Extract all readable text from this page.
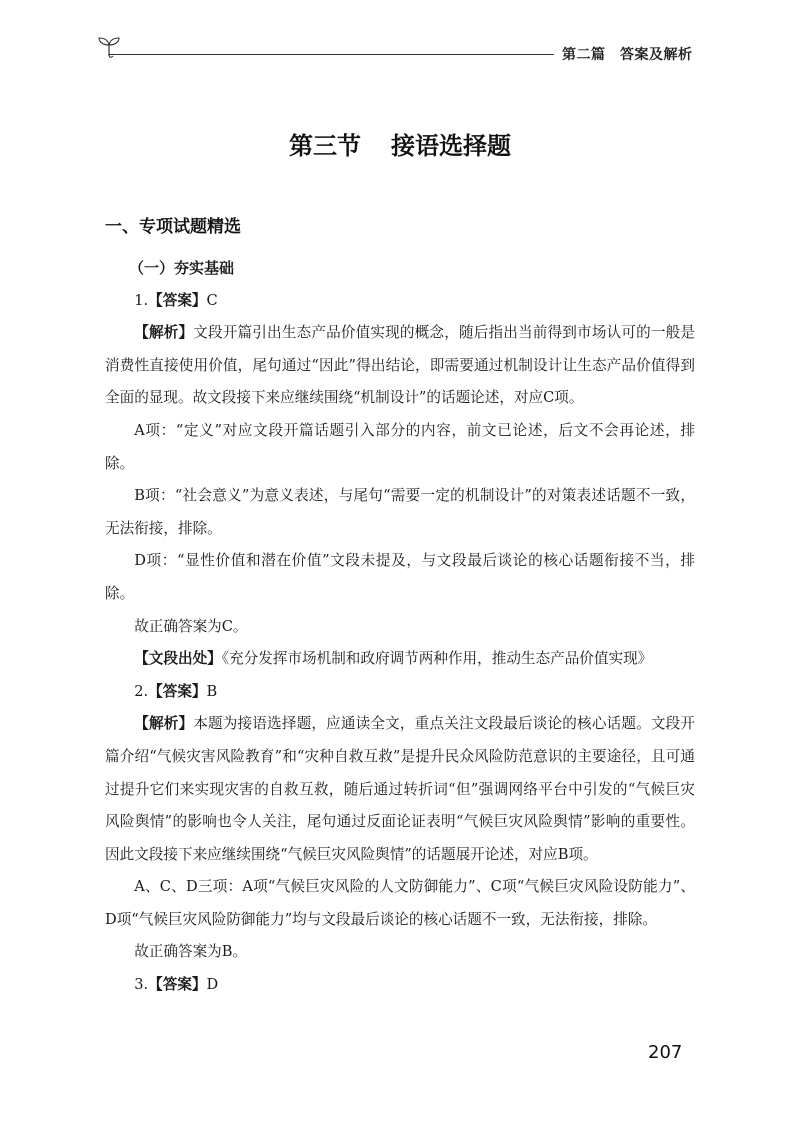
第二篇　答案及解析
第三节 接语选择题
一、专项试题精选

（一）夯实基础

1.【答案】C

【解析】文段开篇引出生态产品价值实现的概念，随后指出当前得到市场认可的一般是消费性直接使用价值，尾句通过“因此”得出结论，即需要通过机制设计让生态产品价值得到全面的显现。故文段接下来应继续围绕“机制设计”的话题论述，对应C项。

A项：“定义”对应文段开篇话题引入部分的内容，前文已论述，后文不会再论述，排除。

B项：“社会意义”为意义表述，与尾句“需要一定的机制设计”的对策表述话题不一致，无法衔接，排除。

D项：“显性价值和潜在价值”文段未提及，与文段最后谈论的核心话题衔接不当，排除。

故正确答案为C。

【文段出处】《充分发挥市场机制和政府调节两种作用，推动生态产品价值实现》

2.【答案】B

【解析】本题为接语选择题，应通读全文，重点关注文段最后谈论的核心话题。文段开篇介绍“气候灾害风险教育”和“灾种自救互救”是提升民众风险防范意识的主要途径，且可通过提升它们来实现灾害的自救互救，随后通过转折词“但”强调网络平台中引发的“气候巨灾风险舆情”的影响也令人关注，尾句通过反面论证表明“气候巨灾风险舆情”影响的重要性。因此文段接下来应继续围绕“气候巨灾风险舆情”的话题展开论述，对应B项。

A、C、D三项：A项“气候巨灾风险的人文防御能力”、C项“气候巨灾风险设防能力”、D项“气候巨灾风险防御能力”均与文段最后谈论的核心话题不一致，无法衔接，排除。

故正确答案为B。

3.【答案】D

207
